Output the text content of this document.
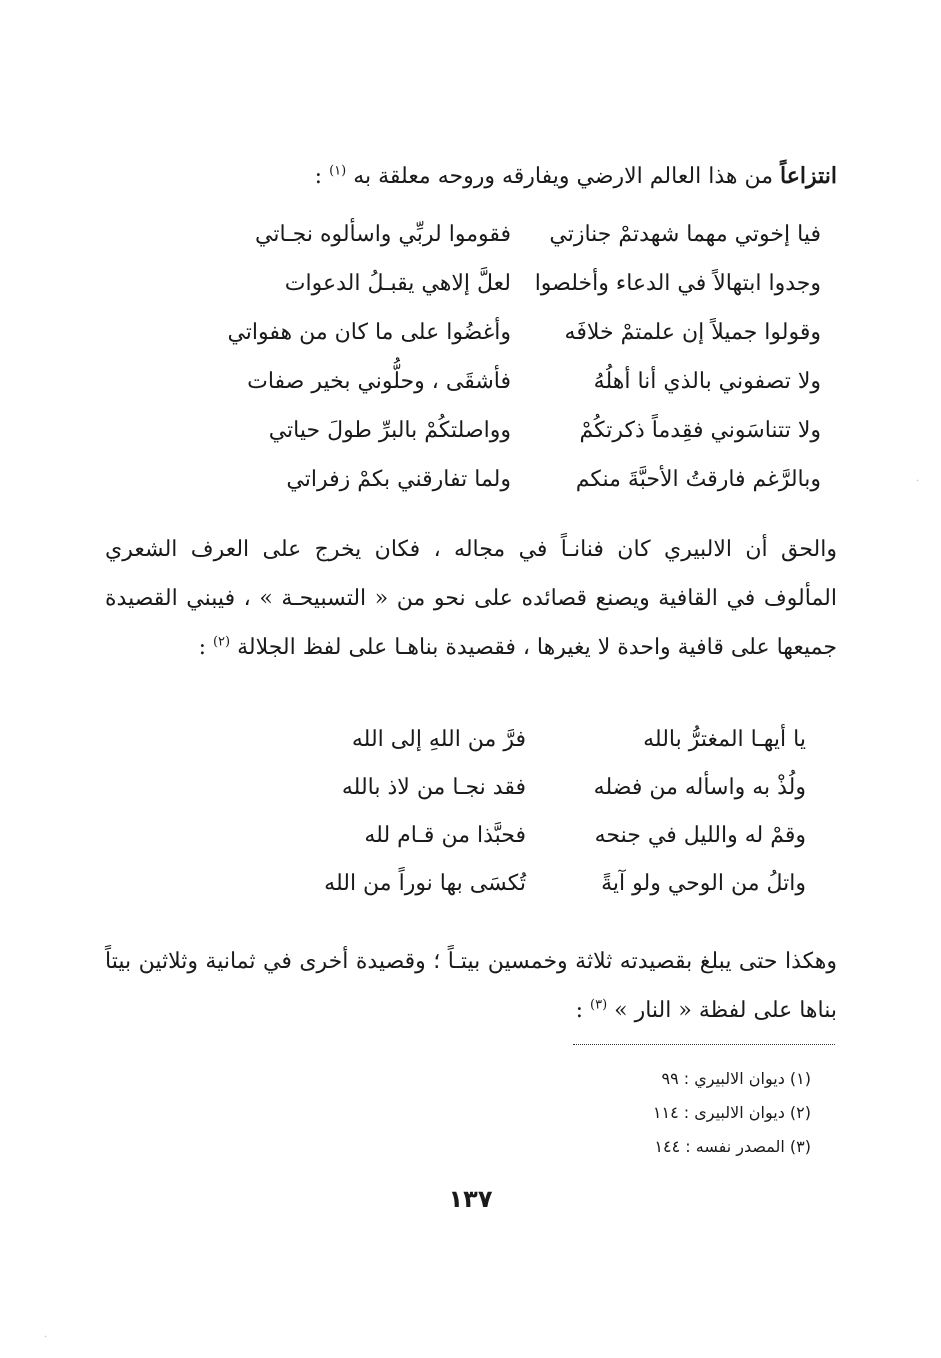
انتزاعاً من هذا العالم الارضي ويفارقه وروحه معلقة به $^{(١)}$ :
فيا إخوتي مهما شهدتمْ جنازتي
فقوموا لربِّي واسألوه نجـاتي
وجدوا ابتهالاً في الدعاء وأخلصوا
لعلَّ إلاهي يقبـلُ الدعوات
وقولوا جميلاً إن علمتمْ خلافَه
وأغضُوا على ما كان من هفواتي
ولا تصفوني بالذي أنا أهلُهُ
فأشقَى ، وحلُّوني بخير صفات
ولا تتناسَوني فقِدماً ذكرتكُمْ
وواصلتكُمْ بالبرِّ طولَ حياتي
وبالرَّغم فارقتُ الأحبَّةَ منكم
ولما تفارقني بكمْ زفراتي
والحق أن الالبيري كان فنانـاً في مجاله ، فكان يخرج على العرف الشعري المألوف في القافية ويصنع قصائده على نحو من « التسبيحـة » ، فيبني القصيدة جميعها على قافية واحدة لا يغيرها ، فقصيدة بناهـا على لفظ الجلالة $^{(٢)}$ :
يا أيهـا المغترُّ بالله
فرَّ من اللهِ إلى الله
ولُذْ به واسأله من فضله
فقد نجـا من لاذ بالله
وقمْ له والليل في جنحه
فحبَّذا من قـام لله
واتلُ من الوحي ولو آيةً
تُكسَى بها نوراً من الله
وهكذا حتى يبلغ بقصيدته ثلاثة وخمسين بيتـاً ؛ وقصيدة أخرى في ثمانية وثلاثين بيتاً بناها على لفظة « النار » $^{(٣)}$ :
(١) ديوان الالبيري : ٩٩
(٢) ديوان الالبيرى : ١١٤
(٣) المصدر نفسه : ١٤٤
١٣٧
·
·
